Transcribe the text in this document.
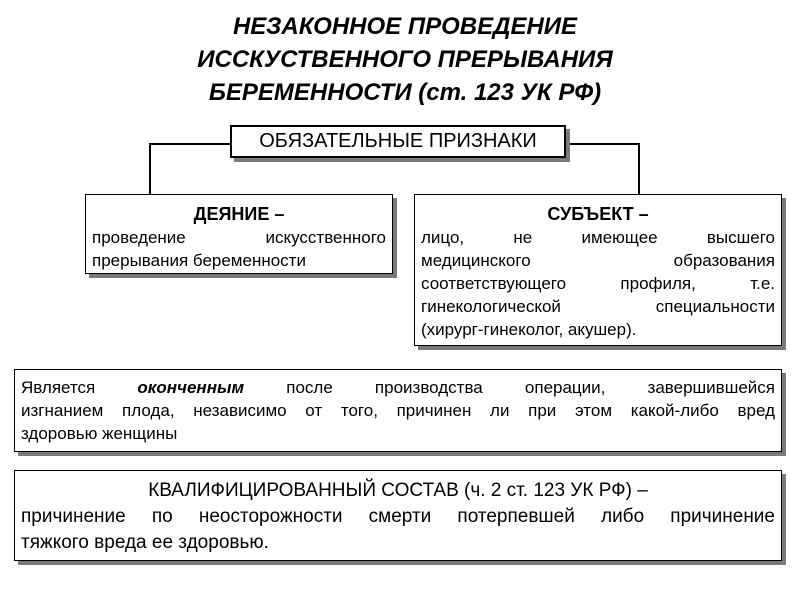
НЕЗАКОННОЕ ПРОВЕДЕНИЕ
ИССКУСТВЕННОГО ПРЕРЫВАНИЯ
БЕРЕМЕННОСТИ (ст. 123 УК РФ)
ОБЯЗАТЕЛЬНЫЕ ПРИЗНАКИ
ДЕЯНИЕ –
проведение искусственного
прерывания беременности
СУБЪЕКТ –
лицо, не имеющее высшего
медицинского образования
соответствующего профиля, т.е.
гинекологической специальности
(хирург-гинеколог, акушер).
Является оконченным после производства операции, завершившейся
изгнанием плода, независимо от того, причинен ли при этом какой-либо вред
здоровью женщины
КВАЛИФИЦИРОВАННЫЙ СОСТАВ (ч. 2 ст. 123 УК РФ) –
причинение по неосторожности смерти потерпевшей либо причинение
тяжкого вреда ее здоровью.
